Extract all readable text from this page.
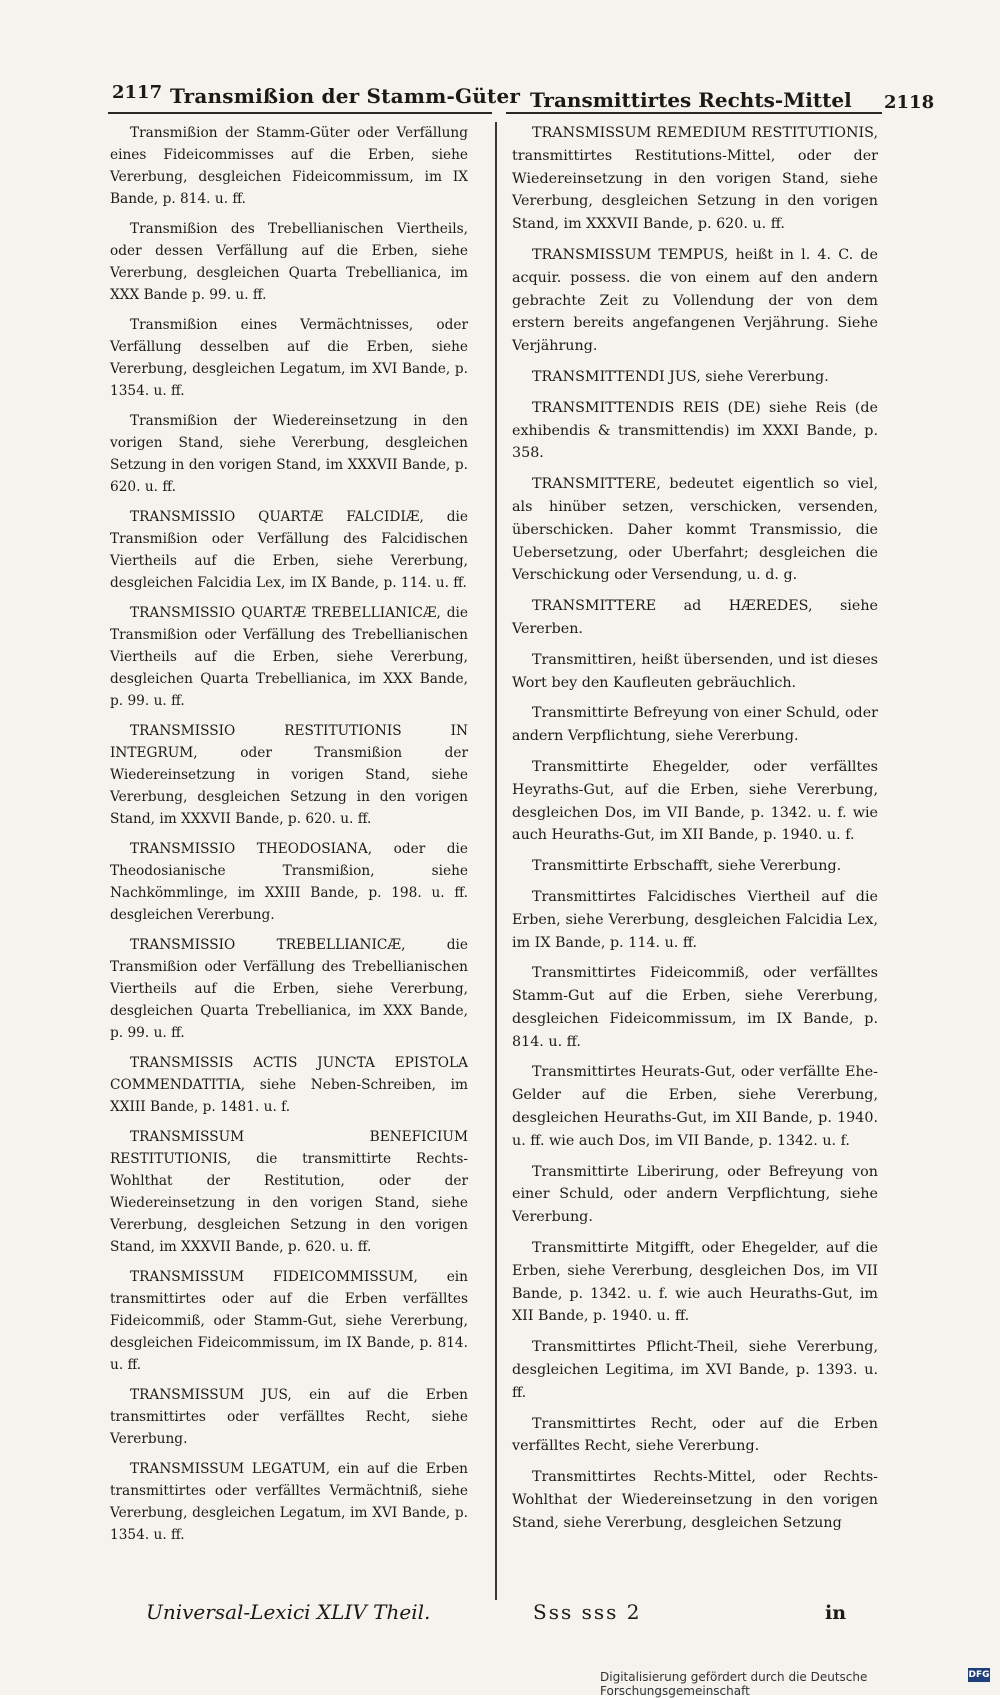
2117 Transmißion der Stamm-Güter Transmittirtes Rechts-Mittel 2118

Transmißion der Stamm-Güter oder Verfällung eines Fideicommisses auf die Erben, siehe Vererbung, desgleichen Fideicommissum, im IX Bande, p. 814. u. ff.

Transmißion des Trebellianischen Viertheils, oder dessen Verfällung auf die Erben, siehe Vererbung, desgleichen Quarta Trebellianica, im XXX Bande p. 99. u. ff.

Transmißion eines Vermächtnisses, oder Verfällung desselben auf die Erben, siehe Vererbung, desgleichen Legatum, im XVI Bande, p. 1354. u. ff.

Transmißion der Wiedereinsetzung in den vorigen Stand, siehe Vererbung, desgleichen Setzung in den vorigen Stand, im XXXVII Bande, p. 620. u. ff.

TRANSMISSIO QUARTÆ FALCIDIÆ, die Transmißion oder Verfällung des Falcidischen Viertheils auf die Erben, siehe Vererbung, desgleichen Falcidia Lex, im IX Bande, p. 114. u. ff.

TRANSMISSIO QUARTÆ TREBELLIANICÆ, die Transmißion oder Verfällung des Trebellianischen Viertheils auf die Erben, siehe Vererbung, desgleichen Quarta Trebellianica, im XXX Bande, p. 99. u. ff.

TRANSMISSIO RESTITUTIONIS IN INTEGRUM, oder Transmißion der Wiedereinsetzung in vorigen Stand, siehe Vererbung, desgleichen Setzung in den vorigen Stand, im XXXVII Bande, p. 620. u. ff.

TRANSMISSIO THEODOSIANA, oder die Theodosianische Transmißion, siehe Nachkömmlinge, im XXIII Bande, p. 198. u. ff. desgleichen Vererbung.

TRANSMISSIO TREBELLIANICÆ, die Transmißion oder Verfällung des Trebellianischen Viertheils auf die Erben, siehe Vererbung, desgleichen Quarta Trebellianica, im XXX Bande, p. 99. u. ff.

TRANSMISSIS ACTIS JUNCTA EPISTOLA COMMENDATITIA, siehe Neben-Schreiben, im XXIII Bande, p. 1481. u. f.

TRANSMISSUM BENEFICIUM RESTITUTIONIS, die transmittirte Rechts-Wohlthat der Restitution, oder der Wiedereinsetzung in den vorigen Stand, siehe Vererbung, desgleichen Setzung in den vorigen Stand, im XXXVII Bande, p. 620. u. ff.

TRANSMISSUM FIDEICOMMISSUM, ein transmittirtes oder auf die Erben verfälltes Fideicommiß, oder Stamm-Gut, siehe Vererbung, desgleichen Fideicommissum, im IX Bande, p. 814. u. ff.

TRANSMISSUM JUS, ein auf die Erben transmittirtes oder verfälltes Recht, siehe Vererbung.

TRANSMISSUM LEGATUM, ein auf die Erben transmittirtes oder verfälltes Vermächtniß, siehe Vererbung, desgleichen Legatum, im XVI Bande, p. 1354. u. ff.

TRANSMISSUM REMEDIUM RESTITUTIONIS, transmittirtes Restitutions-Mittel, oder der Wiedereinsetzung in den vorigen Stand, siehe Vererbung, desgleichen Setzung in den vorigen Stand, im XXXVII Bande, p. 620. u. ff.

TRANSMISSUM TEMPUS, heißt in l. 4. C. de acquir. possess. die von einem auf den andern gebrachte Zeit zu Vollendung der von dem erstern bereits angefangenen Verjährung. Siehe Verjährung.

TRANSMITTENDI JUS, siehe Vererbung.

TRANSMITTENDIS REIS (DE) siehe Reis (de exhibendis & transmittendis) im XXXI Bande, p. 358.

TRANSMITTERE, bedeutet eigentlich so viel, als hinüber setzen, verschicken, versenden, überschicken. Daher kommt Transmissio, die Uebersetzung, oder Uberfahrt; desgleichen die Verschickung oder Versendung, u. d. g.

TRANSMITTERE ad HÆREDES, siehe Vererben.

Transmittiren, heißt übersenden, und ist dieses Wort bey den Kaufleuten gebräuchlich.

Transmittirte Befreyung von einer Schuld, oder andern Verpflichtung, siehe Vererbung.

Transmittirte Ehegelder, oder verfälltes Heyraths-Gut, auf die Erben, siehe Vererbung, desgleichen Dos, im VII Bande, p. 1342. u. f. wie auch Heuraths-Gut, im XII Bande, p. 1940. u. f.

Transmittirte Erbschafft, siehe Vererbung.

Transmittirtes Falcidisches Viertheil auf die Erben, siehe Vererbung, desgleichen Falcidia Lex, im IX Bande, p. 114. u. ff.

Transmittirtes Fideicommiß, oder verfälltes Stamm-Gut auf die Erben, siehe Vererbung, desgleichen Fideicommissum, im IX Bande, p. 814. u. ff.

Transmittirtes Heurats-Gut, oder verfällte Ehe-Gelder auf die Erben, siehe Vererbung, desgleichen Heuraths-Gut, im XII Bande, p. 1940. u. ff. wie auch Dos, im VII Bande, p. 1342. u. f.

Transmittirte Liberirung, oder Befreyung von einer Schuld, oder andern Verpflichtung, siehe Vererbung.

Transmittirte Mitgifft, oder Ehegelder, auf die Erben, siehe Vererbung, desgleichen Dos, im VII Bande, p. 1342. u. f. wie auch Heuraths-Gut, im XII Bande, p. 1940. u. ff.

Transmittirtes Pflicht-Theil, siehe Vererbung, desgleichen Legitima, im XVI Bande, p. 1393. u. ff.

Transmittirtes Recht, oder auf die Erben verfälltes Recht, siehe Vererbung.

Transmittirtes Rechts-Mittel, oder Rechts-Wohlthat der Wiedereinsetzung in den vorigen Stand, siehe Vererbung, desgleichen Setzung

Universal-Lexici XLIV Theil.	Sss sss 2	in
Digitalisierung gefördert durch die Deutsche Forschungsgemeinschaft
DFG
